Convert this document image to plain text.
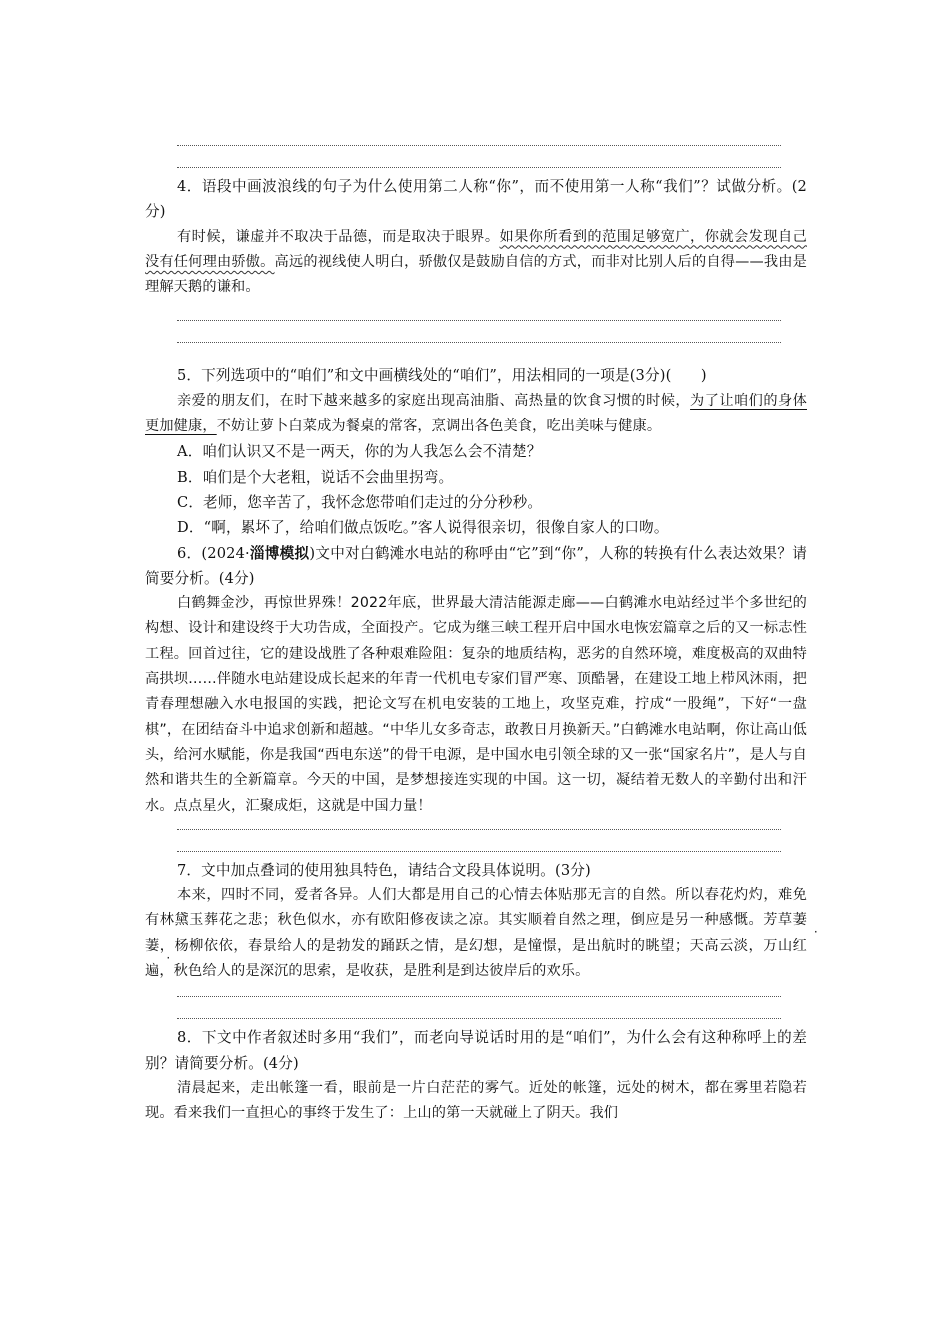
4．语段中画波浪线的句子为什么使用第二人称“你”，而不使用第一人称“我们”？试做分析。(2分)

有时候，谦虚并不取决于品德，而是取决于眼界。如果你所看到的范围足够宽广，你就会发现自己没有任何理由骄傲。高远的视线使人明白，骄傲仅是鼓励自信的方式，而非对比别人后的自得——我由是理解天鹅的谦和。

5．下列选项中的“咱们”和文中画横线处的“咱们”，用法相同的一项是(3分)(　　)

亲爱的朋友们，在时下越来越多的家庭出现高油脂、高热量的饮食习惯的时候，为了让咱们的身体更加健康，不妨让萝卜白菜成为餐桌的常客，烹调出各色美食，吃出美味与健康。

A．咱们认识又不是一两天，你的为人我怎么会不清楚？

B．咱们是个大老粗，说话不会曲里拐弯。

C．老师，您辛苦了，我怀念您带咱们走过的分分秒秒。

D．“啊，累坏了，给咱们做点饭吃。”客人说得很亲切，很像自家人的口吻。

6．(2024·淄博模拟)文中对白鹤滩水电站的称呼由“它”到“你”，人称的转换有什么表达效果？请简要分析。(4分)

白鹤舞金沙，再惊世界殊！2022年底，世界最大清洁能源走廊——白鹤滩水电站经过半个多世纪的构想、设计和建设终于大功告成，全面投产。它成为继三峡工程开启中国水电恢宏篇章之后的又一标志性工程。回首过往，它的建设战胜了各种艰难险阻：复杂的地质结构，恶劣的自然环境，难度极高的双曲特高拱坝……伴随水电站建设成长起来的年青一代机电专家们冒严寒、顶酷暑，在建设工地上栉风沐雨，把青春理想融入水电报国的实践，把论文写在机电安装的工地上，攻坚克难，拧成“一股绳”，下好“一盘棋”，在团结奋斗中追求创新和超越。“中华儿女多奇志，敢教日月换新天。”白鹤滩水电站啊，你让高山低头，给河水赋能，你是我国“西电东送”的骨干电源，是中国水电引领全球的又一张“国家名片”，是人与自然和谐共生的全新篇章。今天的中国，是梦想接连实现的中国。这一切，凝结着无数人的辛勤付出和汗水。点点星火，汇聚成炬，这就是中国力量！

7．文中加点叠词的使用独具特色，请结合文段具体说明。(3分)

本来，四时不同，爱者各异。人们大都是用自己的心情去体贴那无言的自然。所以春花灼灼，难免有林黛玉葬花之悲；秋色似水，亦有欧阳修夜读之凉。其实顺着自然之理，倒应是另一种感慨。芳草萋萋，杨柳依依，春景给人的是勃发的踊跃之情，是幻想，是憧憬，是出航时的眺望；天高云淡，万山红遍，秋色给人的是深沉的思索，是收获，是胜利是到达彼岸后的欢乐。

8．下文中作者叙述时多用“我们”，而老向导说话时用的是“咱们”，为什么会有这种称呼上的差别？请简要分析。(4分)

清晨起来，走出帐篷一看，眼前是一片白茫茫的雾气。近处的帐篷，远处的树木，都在雾里若隐若现。看来我们一直担心的事终于发生了：上山的第一天就碰上了阴天。我们
